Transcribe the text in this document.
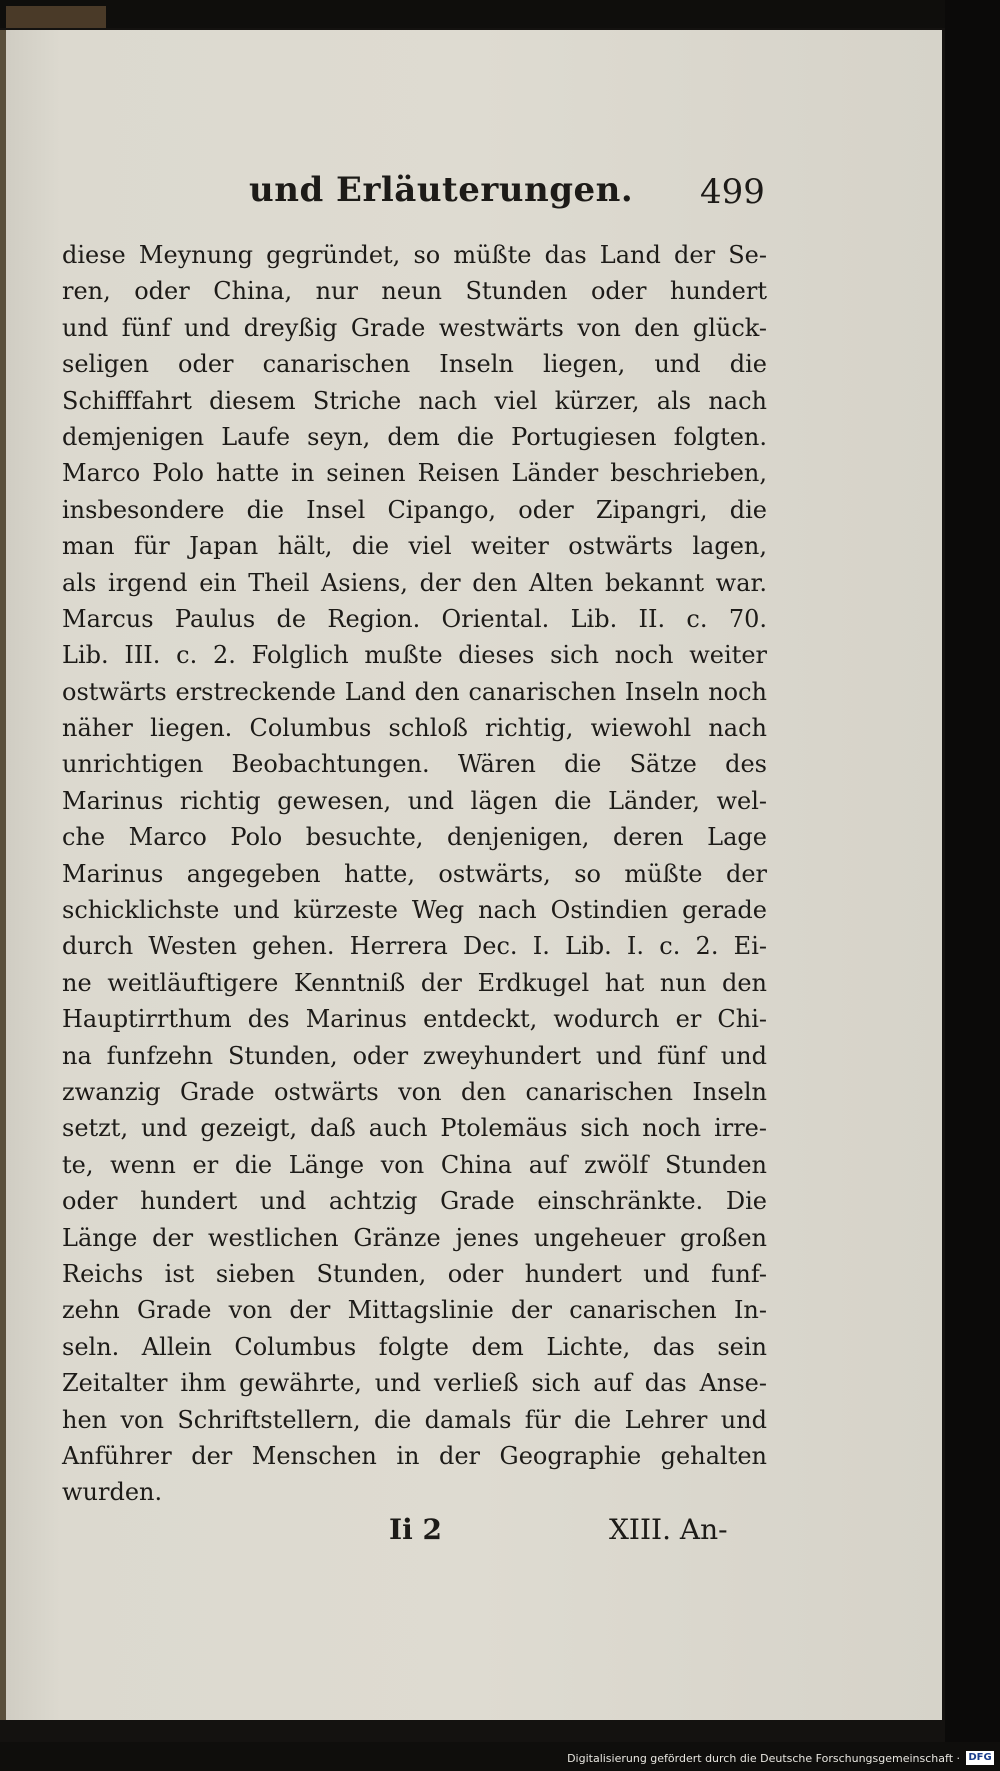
und Erläuterungen. 499
diese Meynung gegründet, so müßte das Land der Se-
ren, oder China, nur neun Stunden oder hundert
und fünf und dreyßig Grade westwärts von den glück-
seligen oder canarischen Inseln liegen, und die
Schifffahrt diesem Striche nach viel kürzer, als nach
demjenigen Laufe seyn, dem die Portugiesen folgten.
Marco Polo hatte in seinen Reisen Länder beschrieben,
insbesondere die Insel Cipango, oder Zipangri, die
man für Japan hält, die viel weiter ostwärts lagen,
als irgend ein Theil Asiens, der den Alten bekannt war.
Marcus Paulus de Region. Oriental. Lib. II. c. 70.
Lib. III. c. 2. Folglich mußte dieses sich noch weiter
ostwärts erstreckende Land den canarischen Inseln noch
näher liegen. Columbus schloß richtig, wiewohl nach
unrichtigen Beobachtungen. Wären die Sätze des
Marinus richtig gewesen, und lägen die Länder, wel-
che Marco Polo besuchte, denjenigen, deren Lage
Marinus angegeben hatte, ostwärts, so müßte der
schicklichste und kürzeste Weg nach Ostindien gerade
durch Westen gehen. Herrera Dec. I. Lib. I. c. 2. Ei-
ne weitläuftigere Kenntniß der Erdkugel hat nun den
Hauptirrthum des Marinus entdeckt, wodurch er Chi-
na funfzehn Stunden, oder zweyhundert und fünf und
zwanzig Grade ostwärts von den canarischen Inseln
setzt, und gezeigt, daß auch Ptolemäus sich noch irre-
te, wenn er die Länge von China auf zwölf Stunden
oder hundert und achtzig Grade einschränkte. Die
Länge der westlichen Gränze jenes ungeheuer großen
Reichs ist sieben Stunden, oder hundert und funf-
zehn Grade von der Mittagslinie der canarischen In-
seln. Allein Columbus folgte dem Lichte, das sein
Zeitalter ihm gewährte, und verließ sich auf das Anse-
hen von Schriftstellern, die damals für die Lehrer und
Anführer der Menschen in der Geographie gehalten
wurden.
Ii 2	XIII. An-
Digitalisierung gefördert durch die Deutsche Forschungsgemeinschaft · DFG
